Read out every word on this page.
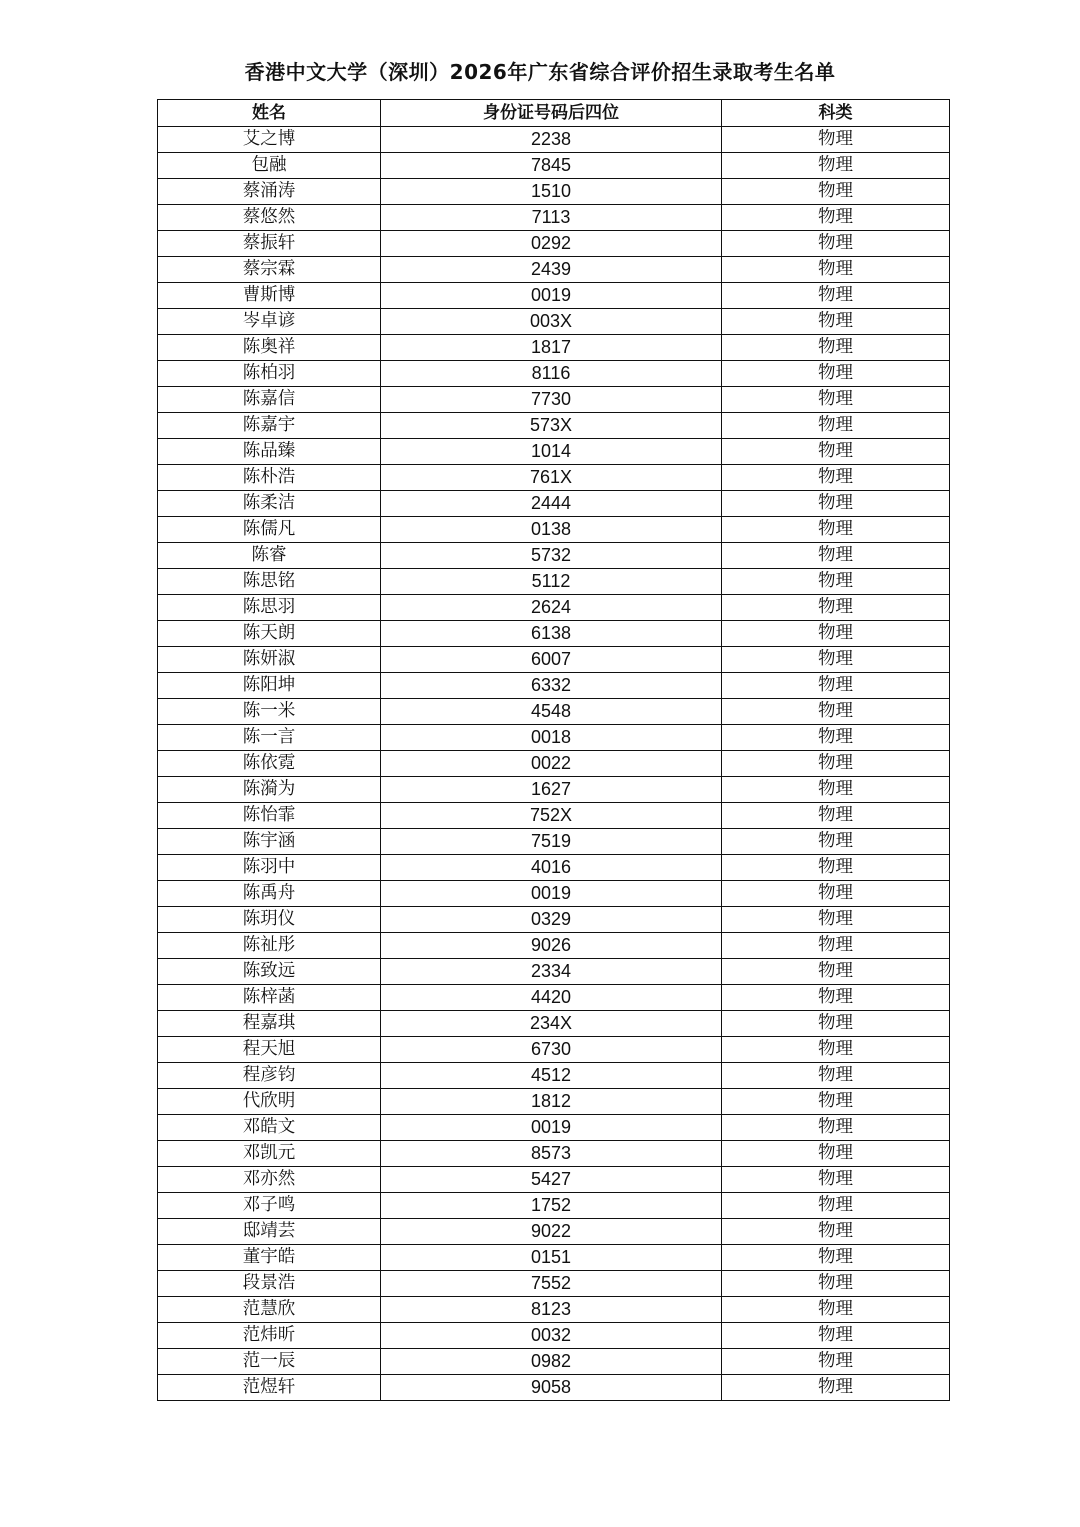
香港中文大学（深圳）2026年广东省综合评价招生录取考生名单
姓名	身份证号码后四位	科类
艾之博	2238	物理
包融	7845	物理
蔡涌涛	1510	物理
蔡悠然	7113	物理
蔡振轩	0292	物理
蔡宗霖	2439	物理
曹斯博	0019	物理
岑卓谚	003X	物理
陈奥祥	1817	物理
陈柏羽	8116	物理
陈嘉信	7730	物理
陈嘉宇	573X	物理
陈品臻	1014	物理
陈朴浩	761X	物理
陈柔洁	2444	物理
陈儒凡	0138	物理
陈睿	5732	物理
陈思铭	5112	物理
陈思羽	2624	物理
陈天朗	6138	物理
陈妍淑	6007	物理
陈阳坤	6332	物理
陈一米	4548	物理
陈一言	0018	物理
陈依霓	0022	物理
陈漪为	1627	物理
陈怡霏	752X	物理
陈宇涵	7519	物理
陈羽中	4016	物理
陈禹舟	0019	物理
陈玥仪	0329	物理
陈祉彤	9026	物理
陈致远	2334	物理
陈梓菡	4420	物理
程嘉琪	234X	物理
程天旭	6730	物理
程彦钧	4512	物理
代欣明	1812	物理
邓皓文	0019	物理
邓凯元	8573	物理
邓亦然	5427	物理
邓子鸣	1752	物理
邸靖芸	9022	物理
董宇皓	0151	物理
段景浩	7552	物理
范慧欣	8123	物理
范炜昕	0032	物理
范一辰	0982	物理
范煜轩	9058	物理
